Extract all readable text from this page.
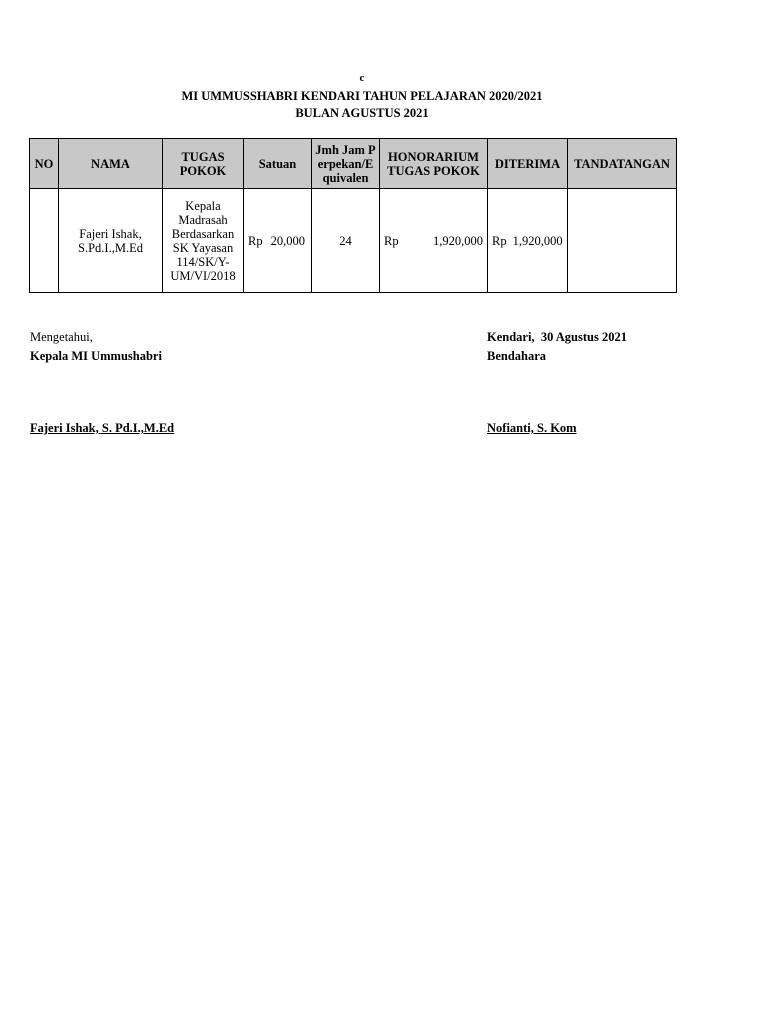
c
MI UMMUSSHABRI KENDARI TAHUN PELAJARAN 2020/2021
BULAN AGUSTUS 2021
NO	NAMA	TUGAS POKOK	Satuan	Jmh Jam Perpekan/E quivalen	HONORARIUM TUGAS POKOK	DITERIMA	TANDATANGAN
	Fajeri Ishak, S.Pd.I.,M.Ed	Kepala Madrasah Berdasarkan SK Yayasan 114/SK/Y-UM/VI/2018	Rp 20,000	24	Rp 1,920,000	Rp 1,920,000	

Mengetahui,
Kepala MI Ummushabri
Fajeri Ishak, S. Pd.I.,M.Ed
Kendari,  30 Agustus 2021
Bendahara
Nofianti, S. Kom
